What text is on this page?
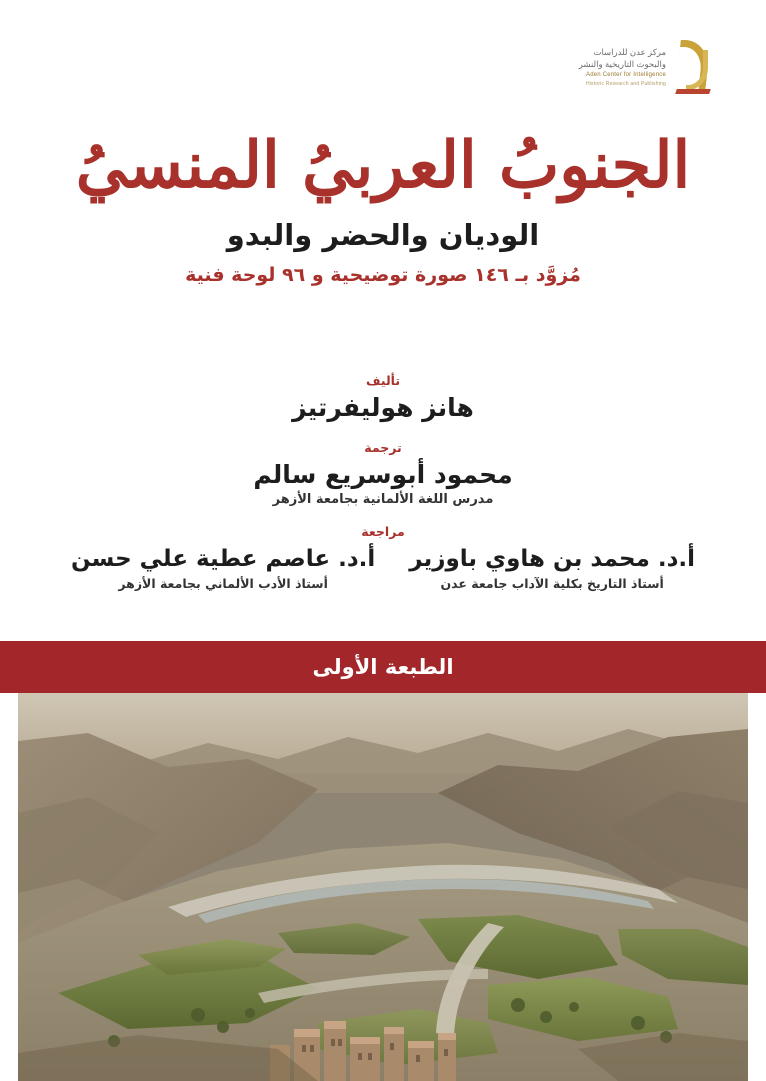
مركز عدن للدراسات
والبحوث التاريخية والنشر
Aden Center for Intelligence
Historic Research and Publishing
الجنوبُ العربيُ المنسيُ

الوديان والحضر والبدو

مُزوَّد بـ ١٤٦ صورة توضيحية و ٩٦ لوحة فنية

تأليف

هانز هوليفرتيز

ترجمة

محمود أبوسريع سالم

مدرس اللغة الألمانية بجامعة الأزهر

مراجعة

أ.د. محمد بن هاوي باوزير

أستاذ التاريخ بكلية الآداب جامعة عدن

أ.د. عاصم عطية علي حسن

أستاذ الأدب الألماني بجامعة الأزهر

الطبعة الأولى
